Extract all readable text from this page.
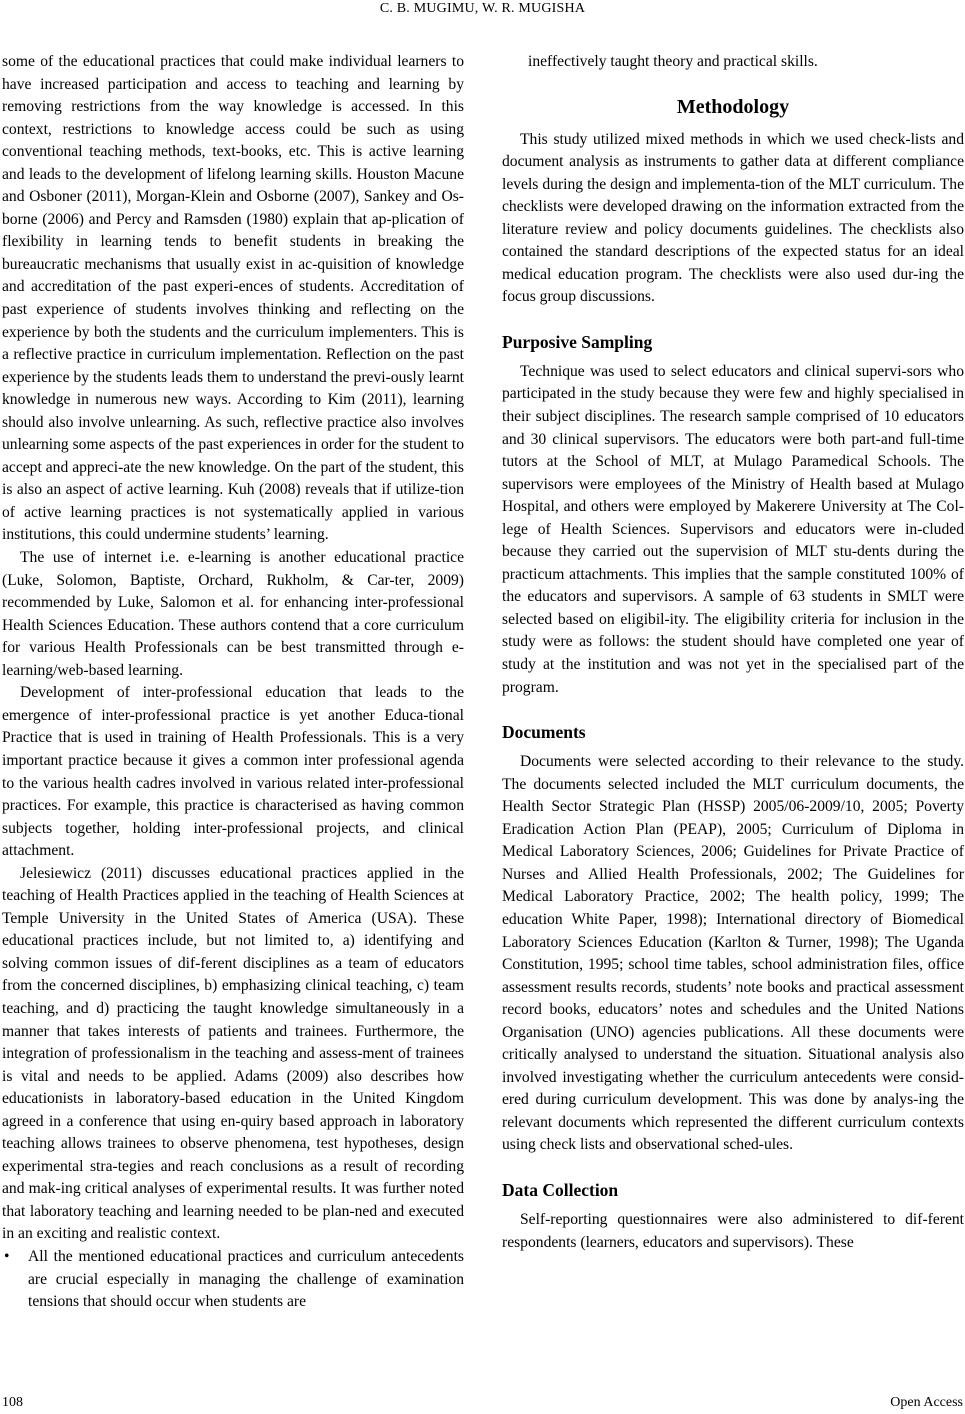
C. B. MUGIMU, W. R. MUGISHA

some of the educational practices that could make individual learners to have increased participation and access to teaching and learning by removing restrictions from the way knowledge is accessed. In this context, restrictions to knowledge access could be such as using conventional teaching methods, text-books, etc. This is active learning and leads to the development of lifelong learning skills. Houston Macune and Osboner (2011), Morgan-Klein and Osborne (2007), Sankey and Os-borne (2006) and Percy and Ramsden (1980) explain that ap-plication of flexibility in learning tends to benefit students in breaking the bureaucratic mechanisms that usually exist in ac-quisition of knowledge and accreditation of the past experi-ences of students. Accreditation of past experience of students involves thinking and reflecting on the experience by both the students and the curriculum implementers. This is a reflective practice in curriculum implementation. Reflection on the past experience by the students leads them to understand the previ-ously learnt knowledge in numerous new ways. According to Kim (2011), learning should also involve unlearning. As such, reflective practice also involves unlearning some aspects of the past experiences in order for the student to accept and appreci-ate the new knowledge. On the part of the student, this is also an aspect of active learning. Kuh (2008) reveals that if utilize-tion of active learning practices is not systematically applied in various institutions, this could undermine students’ learning.

The use of internet i.e. e-learning is another educational practice (Luke, Solomon, Baptiste, Orchard, Rukholm, & Car-ter, 2009) recommended by Luke, Salomon et al. for enhancing inter-professional Health Sciences Education. These authors contend that a core curriculum for various Health Professionals can be best transmitted through e-learning/web-based learning.

Development of inter-professional education that leads to the emergence of inter-professional practice is yet another Educa-tional Practice that is used in training of Health Professionals. This is a very important practice because it gives a common inter professional agenda to the various health cadres involved in various related inter-professional practices. For example, this practice is characterised as having common subjects together, holding inter-professional projects, and clinical attachment.

Jelesiewicz (2011) discusses educational practices applied in the teaching of Health Practices applied in the teaching of Health Sciences at Temple University in the United States of America (USA). These educational practices include, but not limited to, a) identifying and solving common issues of dif-ferent disciplines as a team of educators from the concerned disciplines, b) emphasizing clinical teaching, c) team teaching, and d) practicing the taught knowledge simultaneously in a manner that takes interests of patients and trainees. Furthermore, the integration of professionalism in the teaching and assess-ment of trainees is vital and needs to be applied. Adams (2009) also describes how educationists in laboratory-based education in the United Kingdom agreed in a conference that using en-quiry based approach in laboratory teaching allows trainees to observe phenomena, test hypotheses, design experimental stra-tegies and reach conclusions as a result of recording and mak-ing critical analyses of experimental results. It was further noted that laboratory teaching and learning needed to be plan-ned and executed in an exciting and realistic context.

• All the mentioned educational practices and curriculum antecedents are crucial especially in managing the challenge of examination tensions that should occur when students are

ineffectively taught theory and practical skills.

Methodology

This study utilized mixed methods in which we used check-lists and document analysis as instruments to gather data at different compliance levels during the design and implementa-tion of the MLT curriculum. The checklists were developed drawing on the information extracted from the literature review and policy documents guidelines. The checklists also contained the standard descriptions of the expected status for an ideal medical education program. The checklists were also used dur-ing the focus group discussions.

Purposive Sampling

Technique was used to select educators and clinical supervi-sors who participated in the study because they were few and highly specialised in their subject disciplines. The research sample comprised of 10 educators and 30 clinical supervisors. The educators were both part-and full-time tutors at the School of MLT, at Mulago Paramedical Schools. The supervisors were employees of the Ministry of Health based at Mulago Hospital, and others were employed by Makerere University at The Col-lege of Health Sciences. Supervisors and educators were in-cluded because they carried out the supervision of MLT stu-dents during the practicum attachments. This implies that the sample constituted 100% of the educators and supervisors. A sample of 63 students in SMLT were selected based on eligibil-ity. The eligibility criteria for inclusion in the study were as follows: the student should have completed one year of study at the institution and was not yet in the specialised part of the program.

Documents

Documents were selected according to their relevance to the study. The documents selected included the MLT curriculum documents, the Health Sector Strategic Plan (HSSP) 2005/06-2009/10, 2005; Poverty Eradication Action Plan (PEAP), 2005; Curriculum of Diploma in Medical Laboratory Sciences, 2006; Guidelines for Private Practice of Nurses and Allied Health Professionals, 2002; The Guidelines for Medical Laboratory Practice, 2002; The health policy, 1999; The education White Paper, 1998); International directory of Biomedical Laboratory Sciences Education (Karlton & Turner, 1998); The Uganda Constitution, 1995; school time tables, school administration files, office assessment results records, students’ note books and practical assessment record books, educators’ notes and schedules and the United Nations Organisation (UNO) agencies publications. All these documents were critically analysed to understand the situation. Situational analysis also involved investigating whether the curriculum antecedents were consid-ered during curriculum development. This was done by analys-ing the relevant documents which represented the different curriculum contexts using check lists and observational sched-ules.

Data Collection

Self-reporting questionnaires were also administered to dif-ferent respondents (learners, educators and supervisors). These

108	Open Access
